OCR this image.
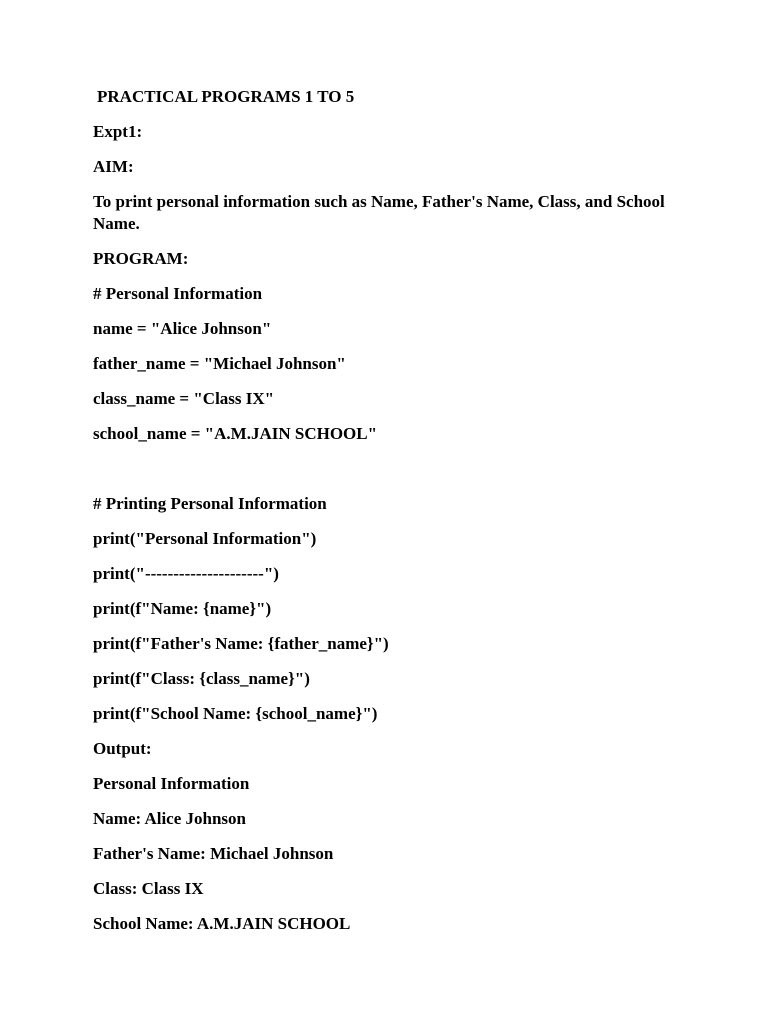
PRACTICAL PROGRAMS 1 TO 5

Expt1:

AIM:

To print personal information such as Name, Father's Name, Class, and School Name.

PROGRAM:

# Personal Information

name = "Alice Johnson"

father_name = "Michael Johnson"

class_name = "Class IX"

school_name = "A.M.JAIN SCHOOL"

# Printing Personal Information

print("Personal Information")

print("---------------------")

print(f"Name: {name}")

print(f"Father's Name: {father_name}")

print(f"Class: {class_name}")

print(f"School Name: {school_name}")

Output:

Personal Information

Name: Alice Johnson

Father's Name: Michael Johnson

Class: Class IX

School Name: A.M.JAIN SCHOOL
